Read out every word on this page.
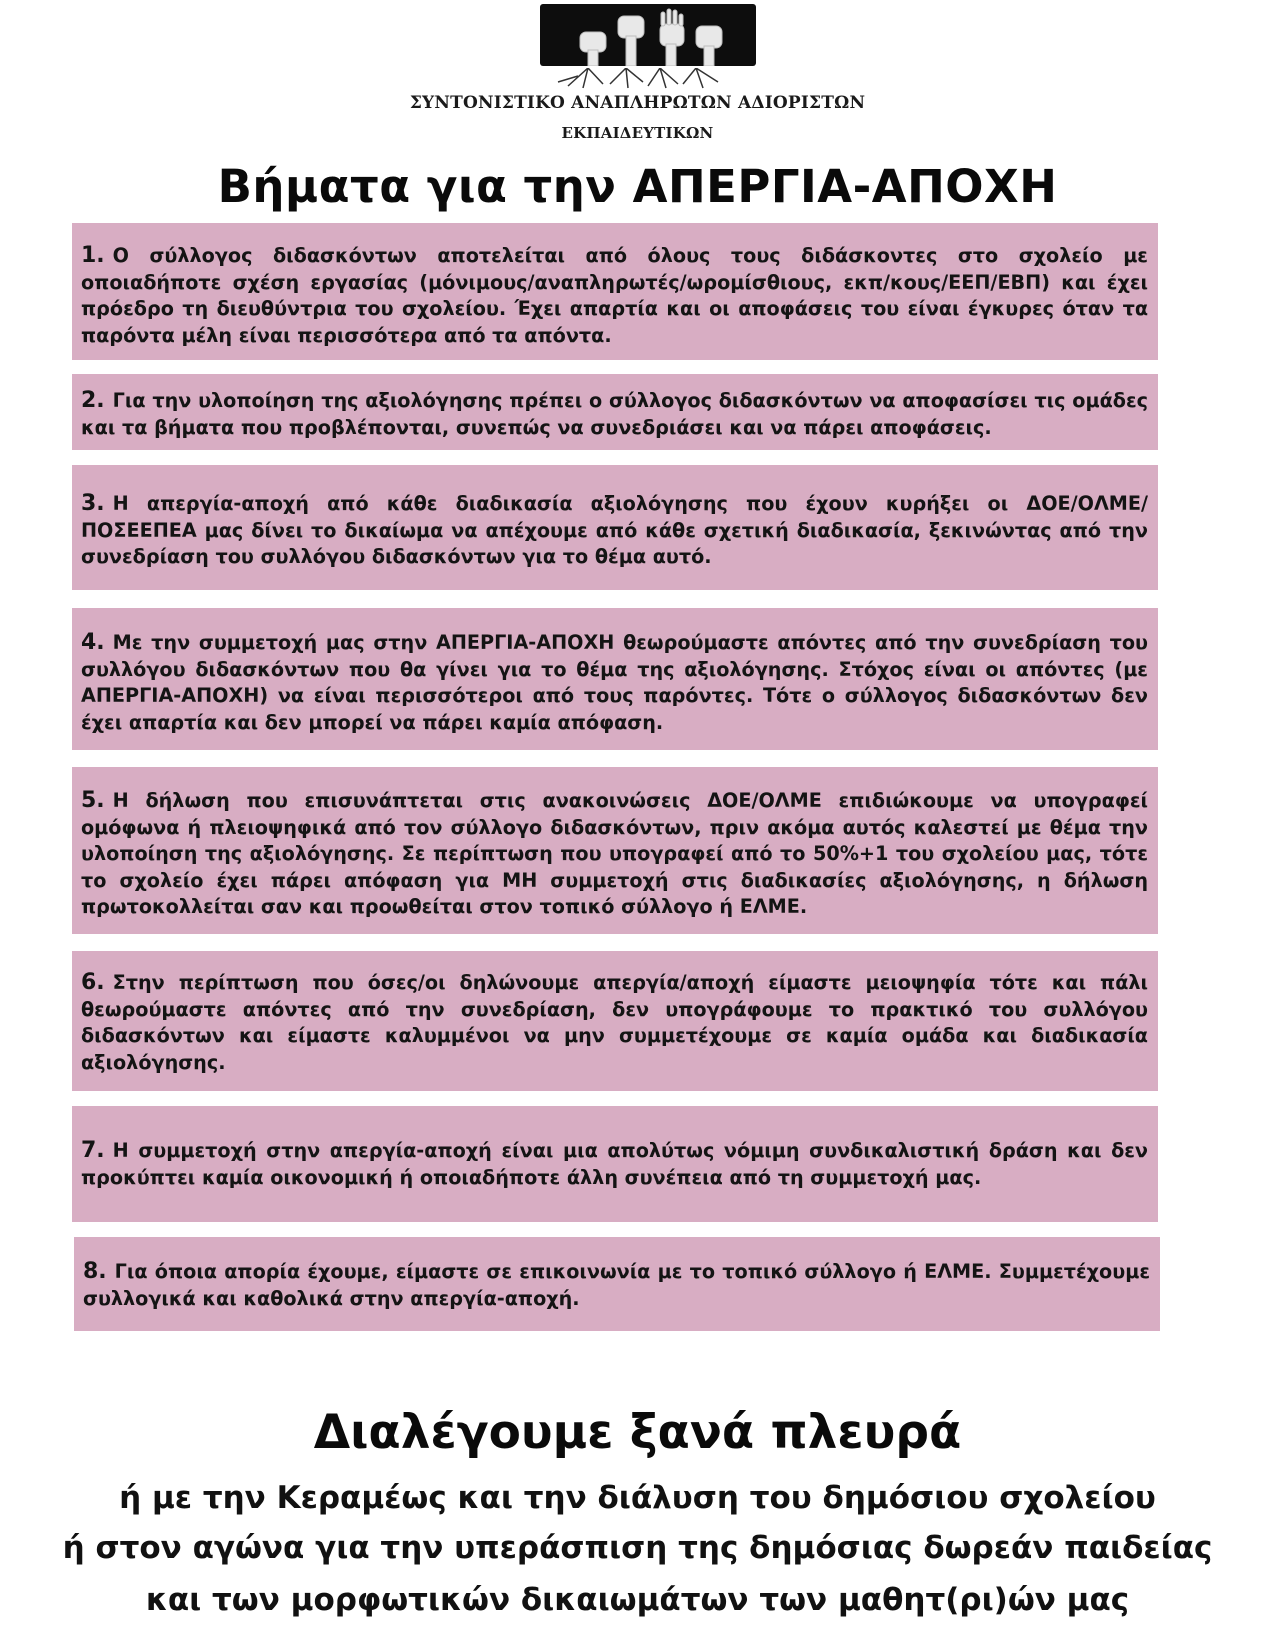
ΣΥΝΤΟΝΙΣΤΙΚΟ ΑΝΑΠΛΗΡΩΤΩΝ ΑΔΙΟΡΙΣΤΩΝ
ΕΚΠΑΙΔΕΥΤΙΚΩΝ
Βήματα για την ΑΠΕΡΓΙΑ-ΑΠΟΧΗ

1. Ο σύλλογος διδασκόντων αποτελείται από όλους τους διδάσκοντες στο σχολείο με οποιαδήποτε σχέση εργασίας (μόνιμους/αναπληρωτές/ωρομίσθιους, εκπ/κους/ΕΕΠ/ΕΒΠ) και έχει πρόεδρο τη διευθύντρια του σχολείου. Έχει απαρτία και οι αποφάσεις του είναι έγκυρες όταν τα παρόντα μέλη είναι περισσότερα από τα απόντα.

2. Για την υλοποίηση της αξιολόγησης πρέπει ο σύλλογος διδασκόντων να αποφασίσει τις ομάδες και τα βήματα που προβλέπονται, συνεπώς να συνεδριάσει και να πάρει αποφάσεις.

3. Η απεργία-αποχή από κάθε διαδικασία αξιολόγησης που έχουν κυρήξει οι ΔΟΕ/ΟΛΜΕ/ΠΟΣΕΕΠΕΑ μας δίνει το δικαίωμα να απέχουμε από κάθε σχετική διαδικασία, ξεκινώντας από την συνεδρίαση του συλλόγου διδασκόντων για το θέμα αυτό.

4. Με την συμμετοχή μας στην ΑΠΕΡΓΙΑ-ΑΠΟΧΗ θεωρούμαστε απόντες από την συνεδρίαση του συλλόγου διδασκόντων που θα γίνει για το θέμα της αξιολόγησης. Στόχος είναι οι απόντες (με ΑΠΕΡΓΙΑ-ΑΠΟΧΗ) να είναι περισσότεροι από τους παρόντες. Τότε ο σύλλογος διδασκόντων δεν έχει απαρτία και δεν μπορεί να πάρει καμία απόφαση.

5. Η δήλωση που επισυνάπτεται στις ανακοινώσεις ΔΟΕ/ΟΛΜΕ επιδιώκουμε να υπογραφεί ομόφωνα ή πλειοψηφικά από τον σύλλογο διδασκόντων, πριν ακόμα αυτός καλεστεί με θέμα την υλοποίηση της αξιολόγησης. Σε περίπτωση που υπογραφεί από το 50%+1 του σχολείου μας, τότε το σχολείο έχει πάρει απόφαση για ΜΗ συμμετοχή στις διαδικασίες αξιολόγησης, η δήλωση πρωτοκολλείται σαν και προωθείται στον τοπικό σύλλογο ή ΕΛΜΕ.

6. Στην περίπτωση που όσες/οι δηλώνουμε απεργία/αποχή είμαστε μειοψηφία τότε και πάλι θεωρούμαστε απόντες από την συνεδρίαση, δεν υπογράφουμε το πρακτικό του συλλόγου διδασκόντων και είμαστε καλυμμένοι να μην συμμετέχουμε σε καμία ομάδα και διαδικασία αξιολόγησης.

7. Η συμμετοχή στην απεργία-αποχή είναι μια απολύτως νόμιμη συνδικαλιστική δράση και δεν προκύπτει καμία οικονομική ή οποιαδήποτε άλλη συνέπεια από τη συμμετοχή μας.

8. Για όποια απορία έχουμε, είμαστε σε επικοινωνία με το τοπικό σύλλογο ή ΕΛΜΕ. Συμμετέχουμε συλλογικά και καθολικά στην απεργία-αποχή.

Διαλέγουμε ξανά πλευρά
ή με την Κεραμέως και την διάλυση του δημόσιου σχολείου
ή στον αγώνα για την υπεράσπιση της δημόσιας δωρεάν παιδείας
και των μορφωτικών δικαιωμάτων των μαθητ(ρι)ών μας
